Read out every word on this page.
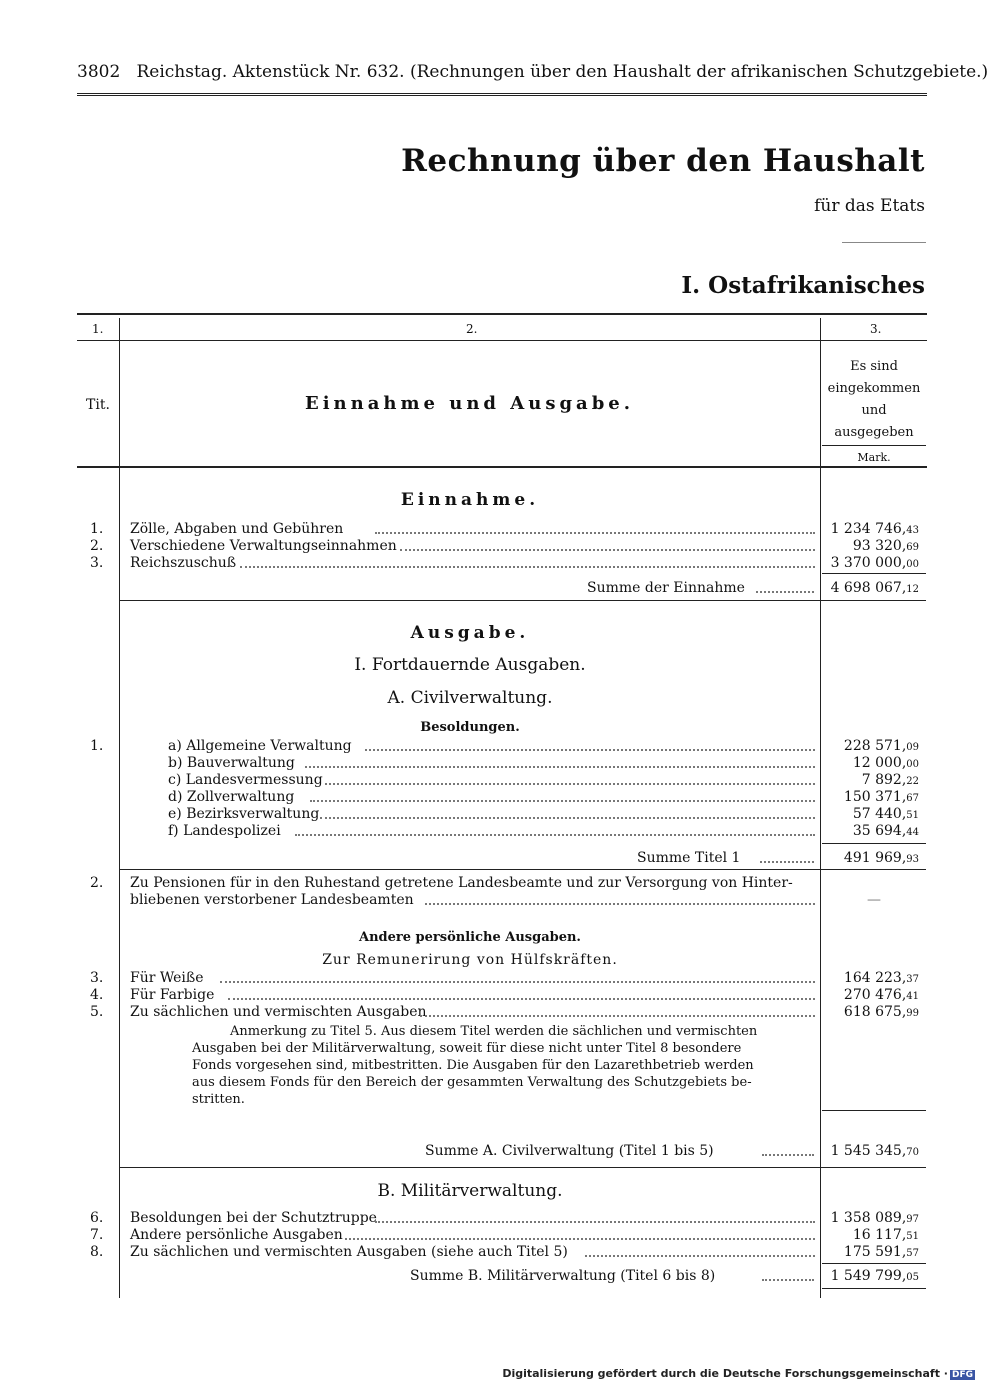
3802 Reichstag. Aktenstück Nr. 632. (Rechnungen über den Haushalt der afrikanischen Schutzgebiete.)
Rechnung über den Haushalt
für das Etats
I. Ostafrikanisches
1.	2.	3.
Tit.	Einnahme und Ausgabe.
Es sind
eingekommen
und
ausgegeben
Mark.
Einnahme.
1. Zölle, Abgaben und Gebühren	1 234 746,43
2. Verschiedene Verwaltungseinnahmen	93 320,69
3. Reichszuschuß	3 370 000,00
Summe der Einnahme	4 698 067,12
Ausgabe.
I. Fortdauernde Ausgaben.
A. Civilverwaltung.
Besoldungen.
1.	a) Allgemeine Verwaltung	228 571,09
b) Bauverwaltung	12 000,00
c) Landesvermessung	7 892,22
d) Zollverwaltung	150 371,67
e) Bezirksverwaltung	57 440,51
f) Landespolizei	35 694,44
Summe Titel 1	491 969,93
2. Zu Pensionen für in den Ruhestand getretene Landesbeamte und zur Versorgung von Hinter-
bliebenen verstorbener Landesbeamten	—
Andere persönliche Ausgaben.
Zur Remunerirung von Hülfskräften.
3. Für Weiße	164 223,37
4. Für Farbige	270 476,41
5. Zu sächlichen und vermischten Ausgaben	618 675,99
Anmerkung zu Titel 5. Aus diesem Titel werden die sächlichen und vermischten
Ausgaben bei der Militärverwaltung, soweit für diese nicht unter Titel 8 besondere
Fonds vorgesehen sind, mitbestritten. Die Ausgaben für den Lazarethbetrieb werden
aus diesem Fonds für den Bereich der gesammten Verwaltung des Schutzgebiets be-
stritten.
Summe A. Civilverwaltung (Titel 1 bis 5)	1 545 345,70
B. Militärverwaltung.
6. Besoldungen bei der Schutztruppe	1 358 089,97
7. Andere persönliche Ausgaben	16 117,51
8. Zu sächlichen und vermischten Ausgaben (siehe auch Titel 5)	175 591,57
Summe B. Militärverwaltung (Titel 6 bis 8)	1 549 799,05
Digitalisierung gefördert durch die Deutsche Forschungsgemeinschaft · DFG
